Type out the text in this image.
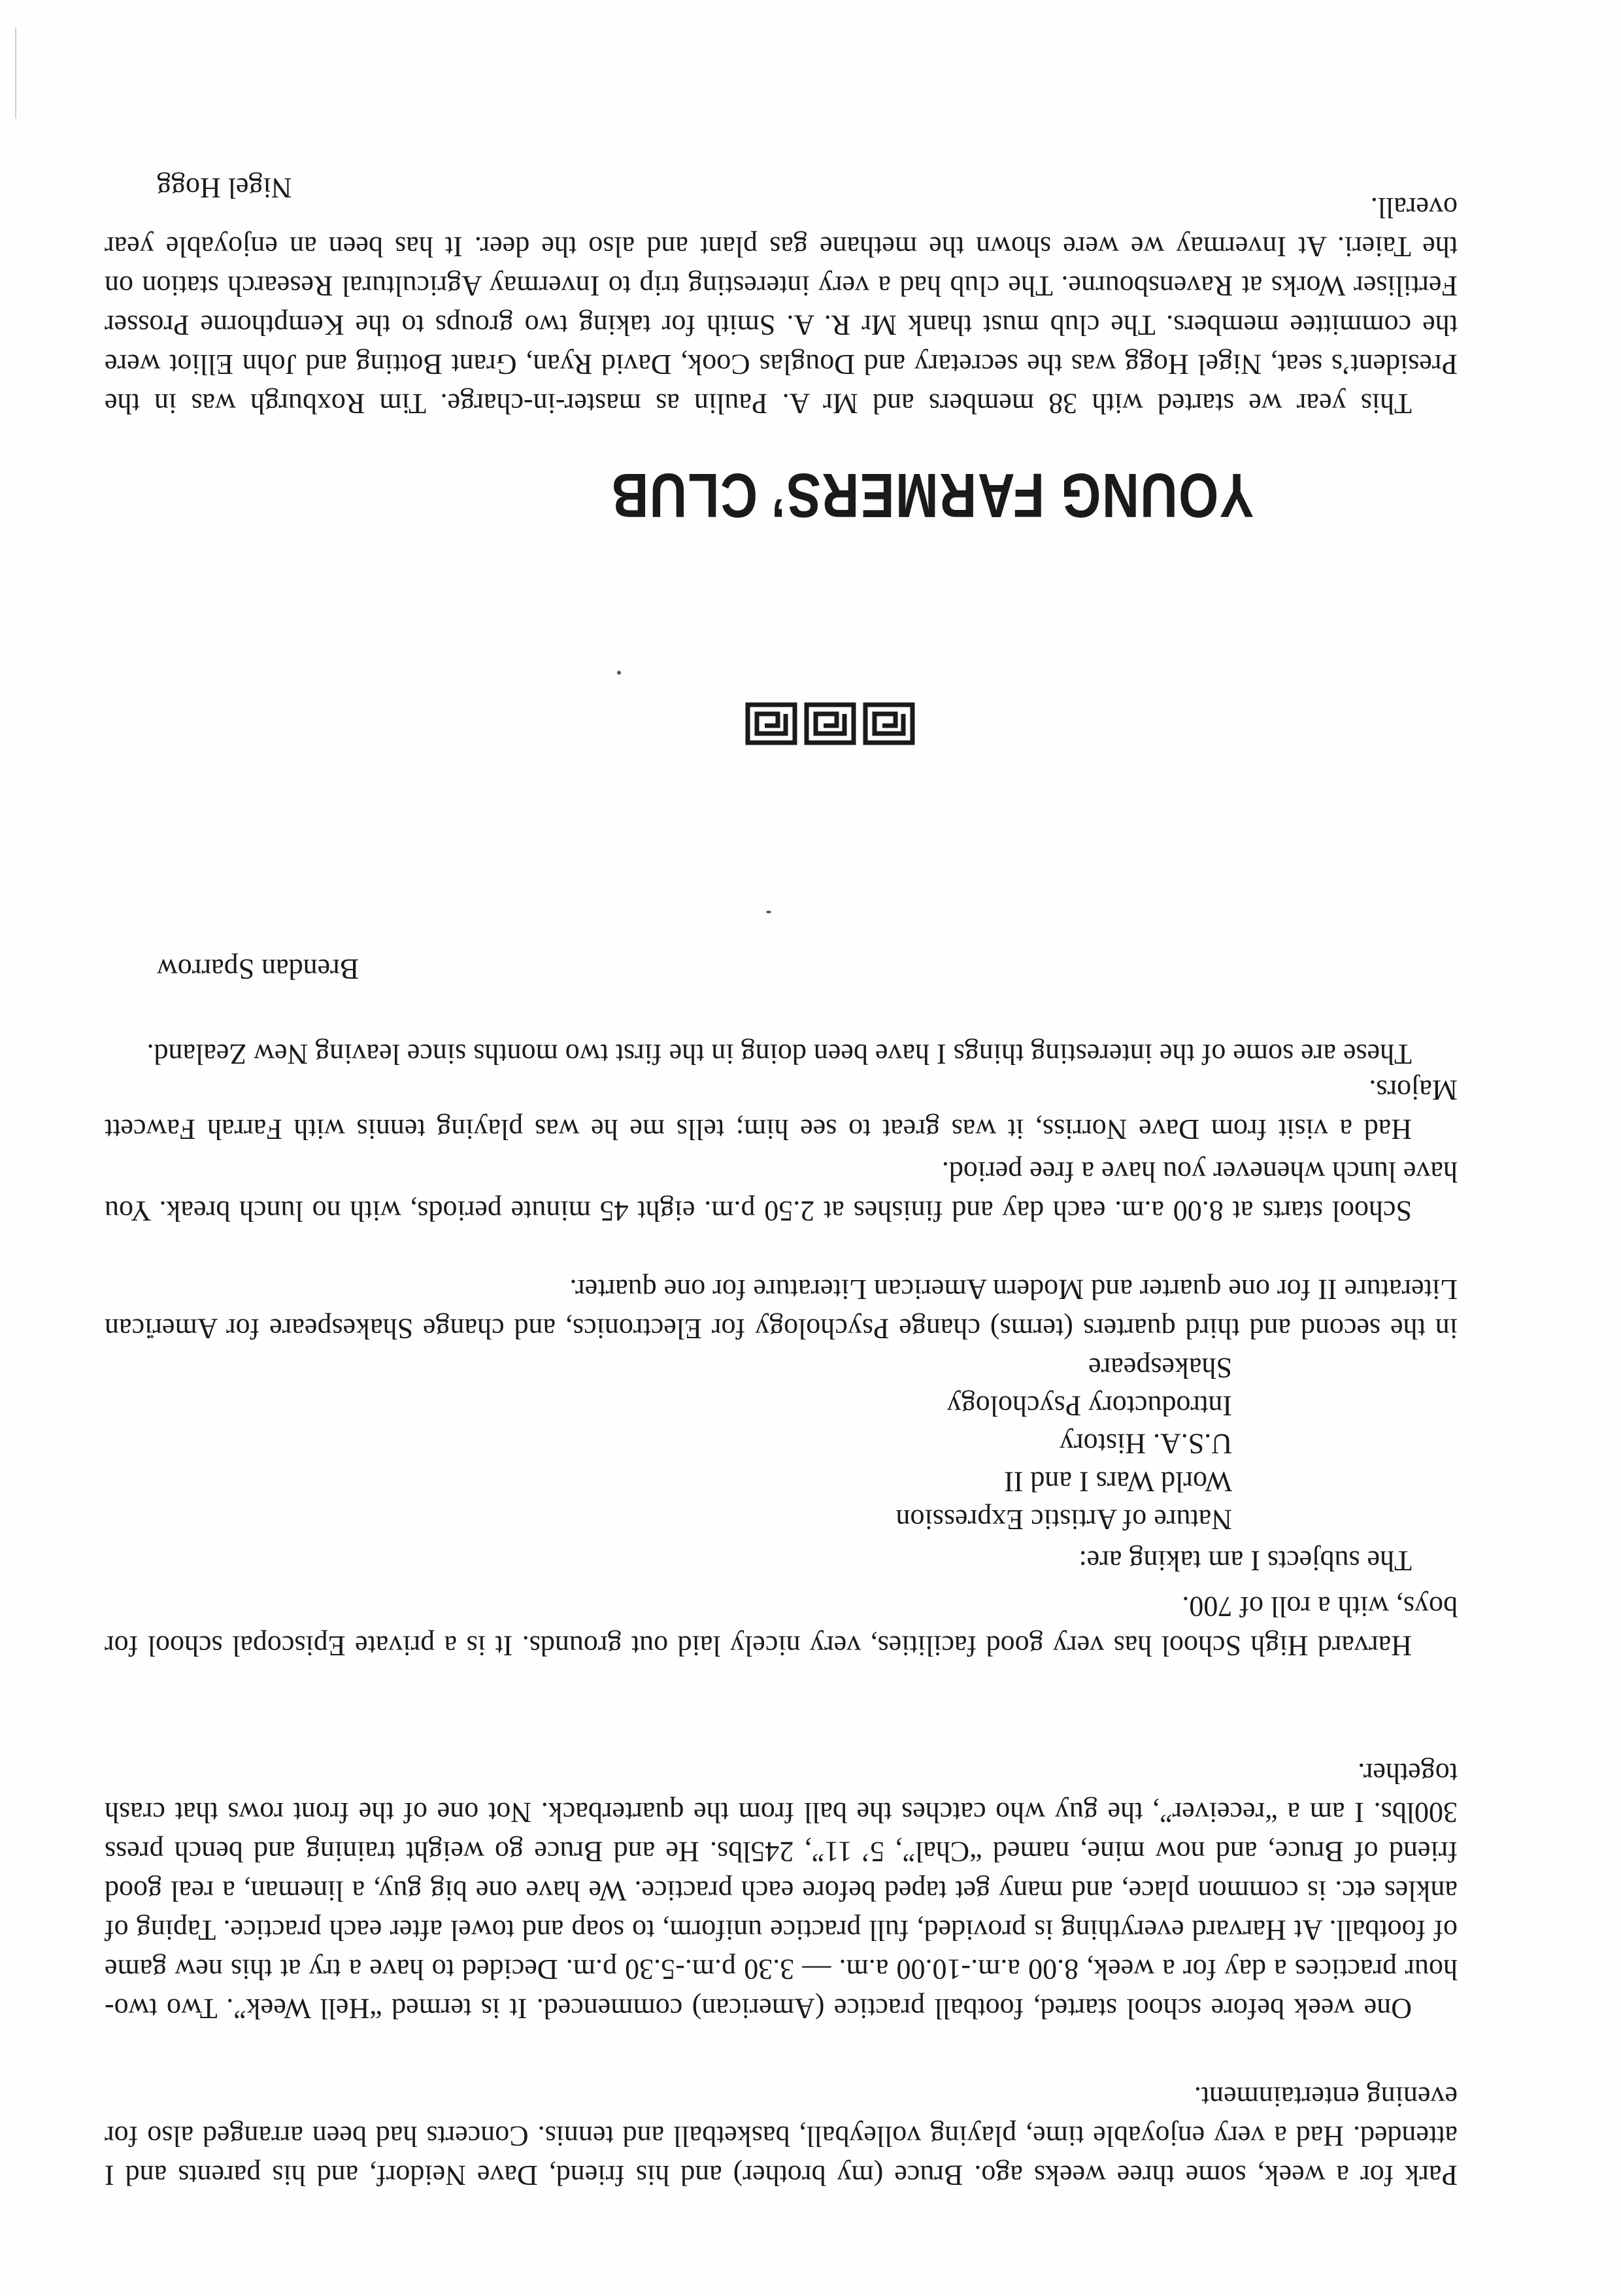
Nigel Hogg

This year we started with 38 members and Mr A. Paulin as master-in-charge. Tim Roxburgh was in the President’s seat, Nigel Hogg was the secretary and Douglas Cook, David Ryan, Grant Botting and John Elliot were the committee members. The club must thank Mr R. A. Smith for taking two groups to the Kempthorne Prosser Fertiliser Works at Ravensbourne. The club had a very interesting trip to Invermay Agricultural Research station on the Taieri. At Invermay we were shown the methane gas plant and also the deer. It has been an enjoyable year overall.

YOUNG FARMERS’ CLUB

Brendan Sparrow

These are some of the interesting things I have been doing in the first two months since leaving New Zealand.

Had a visit from Dave Norriss, it was great to see him; tells me he was playing tennis with Farrah Fawcett Majors.

School starts at 8.00 a.m. each day and finishes at 2.50 p.m. eight 45 minute periods, with no lunch break. You have lunch whenever you have a free period.

in the second and third quarters (terms) change Psychology for Electronics, and change Shakespeare for American Literature II for one quarter and Modern American Literature for one quarter.

Shakespeare

Introductory Psychology

U.S.A. History

World Wars I and II

Nature of Artistic Expression

The subjects I am taking are:

Harvard High School has very good facilities, very nicely laid out grounds. It is a private Episcopal school for boys, with a roll of 700.

One week before school started, football practice (American) commenced. It is termed “Hell Week”. Two two-hour practices a day for a week, 8.00 a.m.-10.00 a.m. — 3.30 p.m.-5.30 p.m. Decided to have a try at this new game of football. At Harvard everything is provided, full practice uniform, to soap and towel after each practice. Taping of ankles etc. is common place, and many get taped before each practice. We have one big guy, a lineman, a real good friend of Bruce, and now mine, named “Chal”, 5’ 11”, 245lbs. He and Bruce go weight training and bench press 300lbs. I am a “receiver”, the guy who catches the ball from the quarterback. Not one of the front rows that crash together.

Park for a week, some three weeks ago. Bruce (my brother) and his friend, Dave Neidorf, and his parents and I attended. Had a very enjoyable time, playing volleyball, basketball and tennis. Concerts had been arranged also for evening entertainment.
